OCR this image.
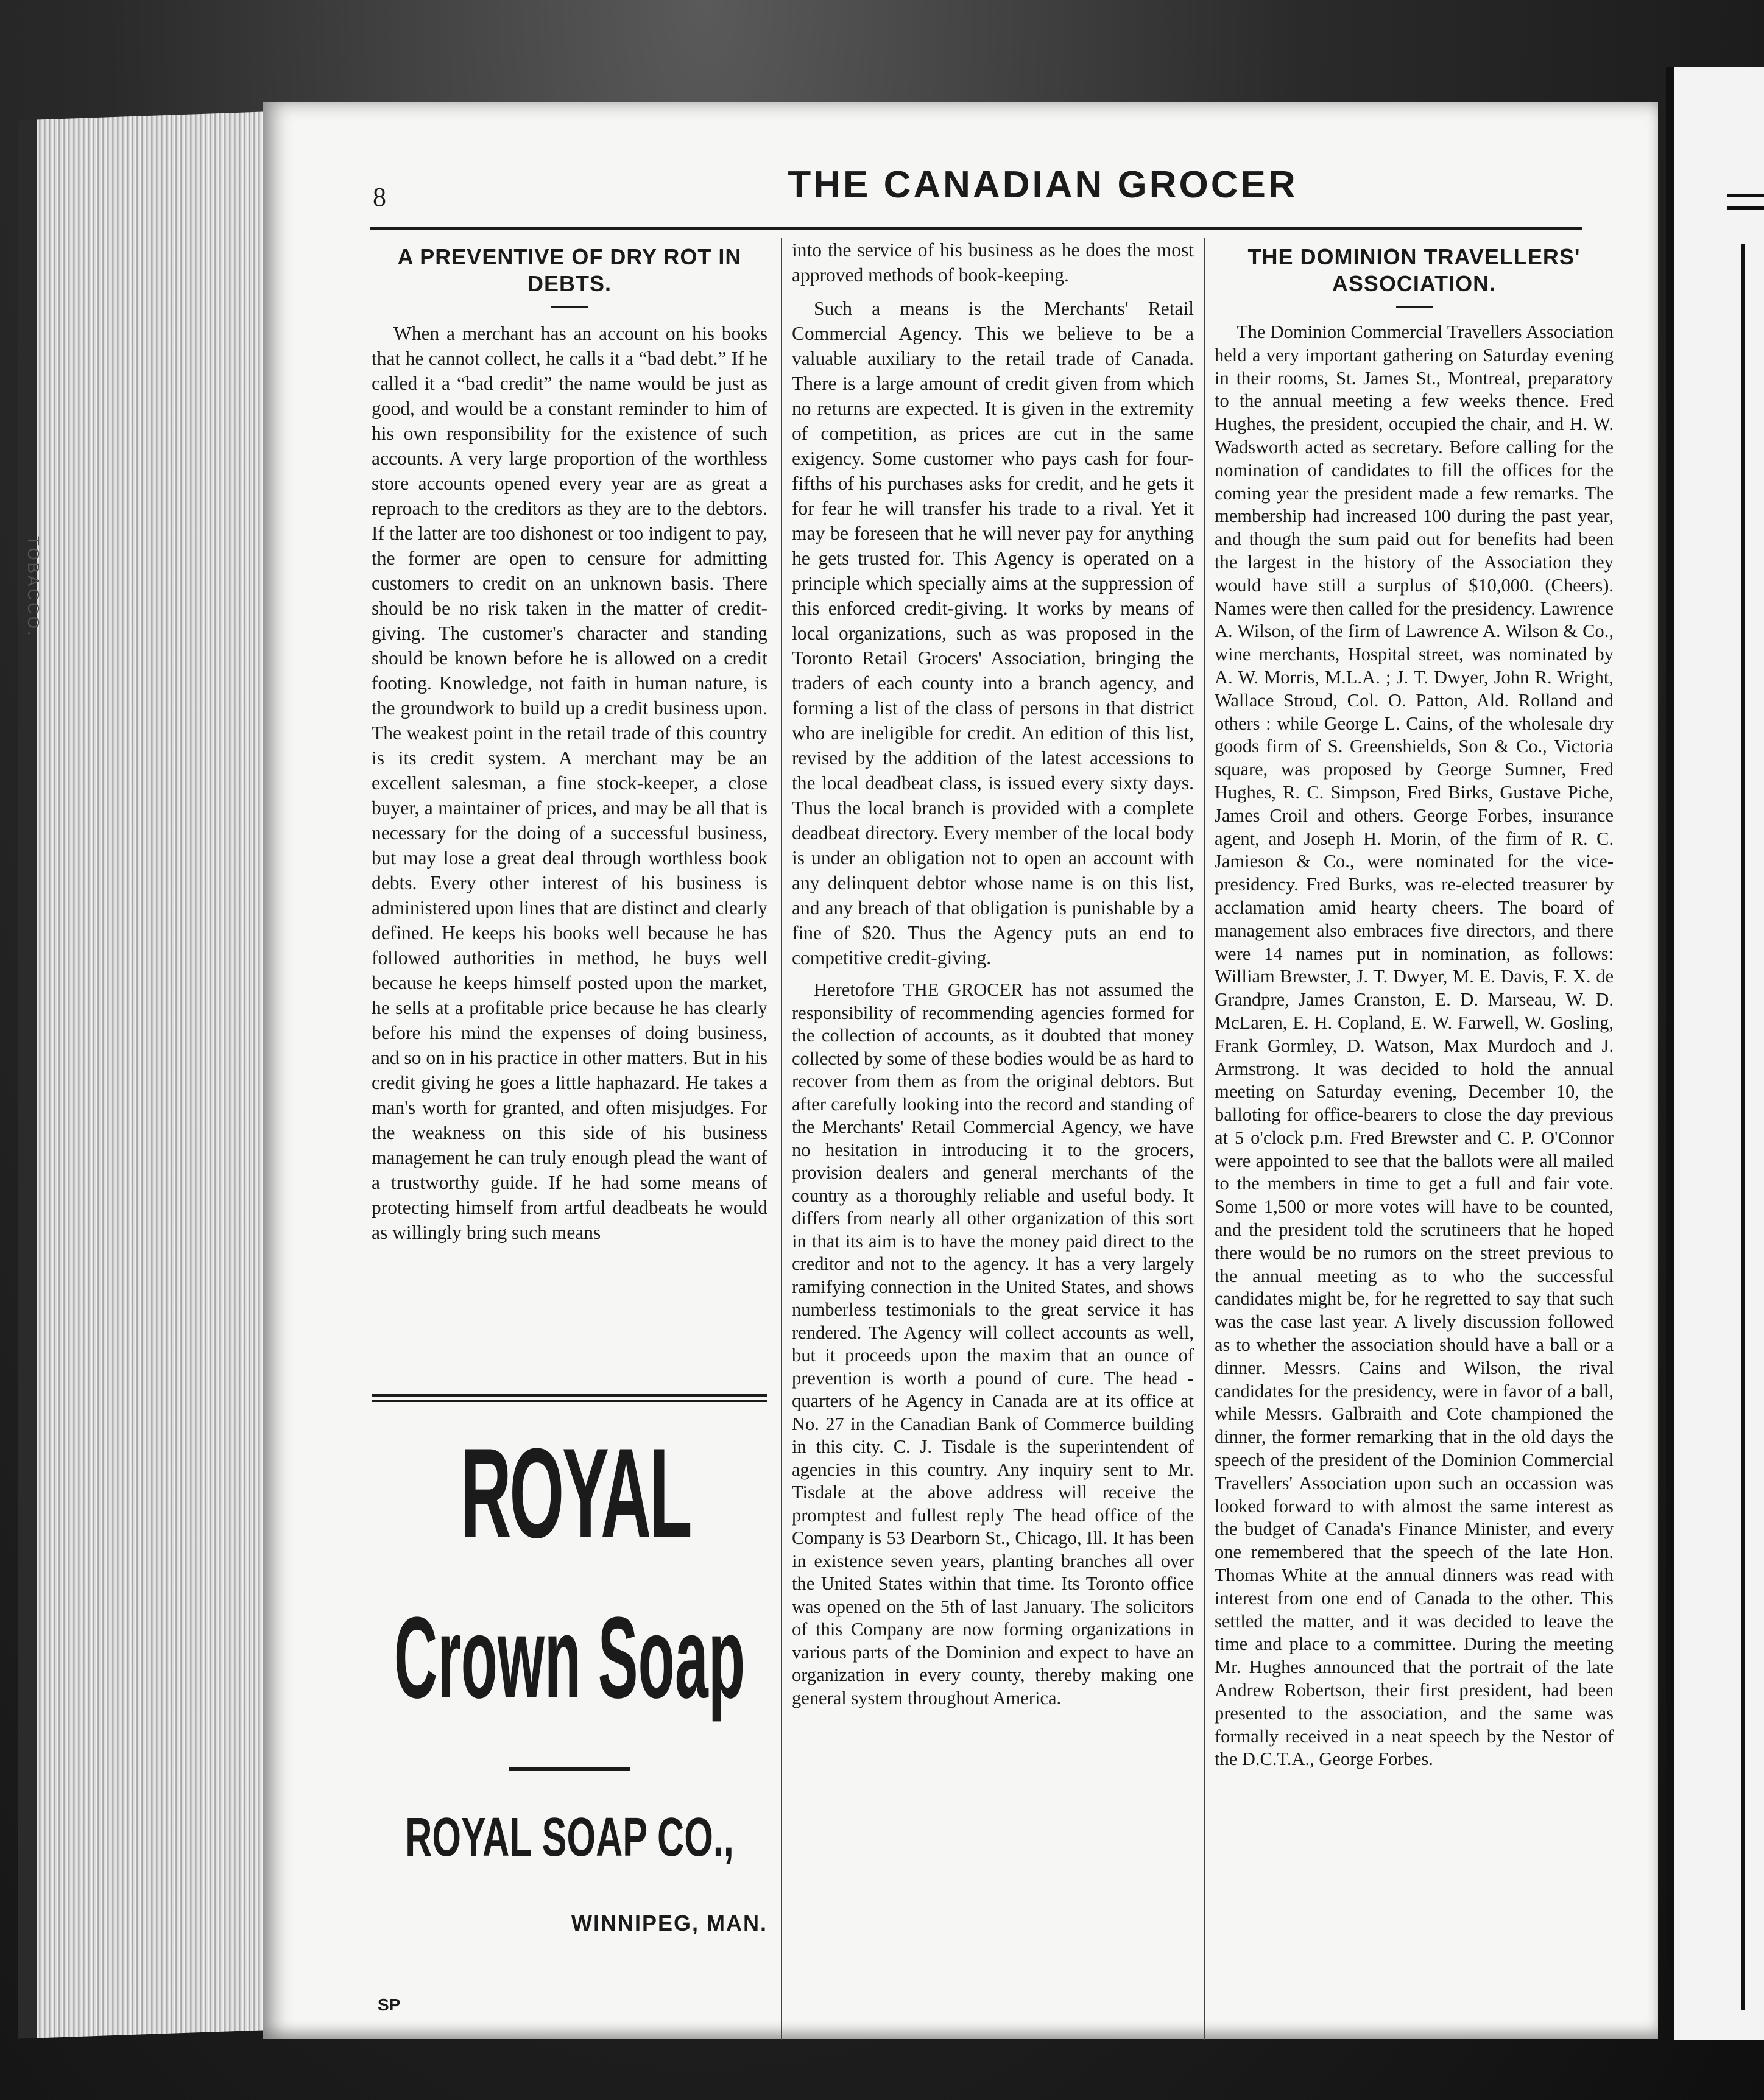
TOBACCO.
8	THE CANADIAN GROCER
A PREVENTIVE OF DRY ROT IN DEBTS.

When a merchant has an account on his books that he cannot collect, he calls it a “bad debt.” If he called it a “bad credit” the name would be just as good, and would be a constant reminder to him of his own responsibility for the existence of such accounts. A very large proportion of the worthless store accounts opened every year are as great a reproach to the creditors as they are to the debtors. If the latter are too dishonest or too indigent to pay, the former are open to censure for admitting customers to credit on an unknown basis. There should be no risk taken in the matter of credit-giving. The customer's character and standing should be known before he is allowed on a credit footing. Knowledge, not faith in human nature, is the groundwork to build up a credit business upon. The weakest point in the retail trade of this country is its credit system. A merchant may be an excellent salesman, a fine stock-keeper, a close buyer, a maintainer of prices, and may be all that is necessary for the doing of a successful business, but may lose a great deal through worthless book debts. Every other interest of his business is administered upon lines that are distinct and clearly defined. He keeps his books well because he has followed authorities in method, he buys well because he keeps himself posted upon the market, he sells at a profitable price because he has clearly before his mind the expenses of doing business, and so on in his practice in other matters. But in his credit giving he goes a little haphazard. He takes a man's worth for granted, and often misjudges. For the weakness on this side of his business management he can truly enough plead the want of a trustworthy guide. If he had some means of protecting himself from artful deadbeats he would as willingly bring such means

ROYAL
Crown Soap
ROYAL SOAP CO.,
WINNIPEG, MAN.
SP

into the service of his business as he does the most approved methods of book-keeping.

Such a means is the Merchants' Retail Commercial Agency. This we believe to be a valuable auxiliary to the retail trade of Canada. There is a large amount of credit given from which no returns are expected. It is given in the extremity of competition, as prices are cut in the same exigency. Some customer who pays cash for four-fifths of his purchases asks for credit, and he gets it for fear he will transfer his trade to a rival. Yet it may be foreseen that he will never pay for anything he gets trusted for. This Agency is operated on a principle which specially aims at the suppression of this enforced credit-giving. It works by means of local organizations, such as was proposed in the Toronto Retail Grocers' Association, bringing the traders of each county into a branch agency, and forming a list of the class of persons in that district who are ineligible for credit. An edition of this list, revised by the addition of the latest accessions to the local deadbeat class, is issued every sixty days. Thus the local branch is provided with a complete deadbeat directory. Every member of the local body is under an obligation not to open an account with any delinquent debtor whose name is on this list, and any breach of that obligation is punishable by a fine of $20. Thus the Agency puts an end to competitive credit-giving.

Heretofore THE GROCER has not assumed the responsibility of recommending agencies formed for the collection of accounts, as it doubted that money collected by some of these bodies would be as hard to recover from them as from the original debtors. But after carefully looking into the record and standing of the Merchants' Retail Commercial Agency, we have no hesitation in introducing it to the grocers, provision dealers and general merchants of the country as a thoroughly reliable and useful body. It differs from nearly all other organization of this sort in that its aim is to have the money paid direct to the creditor and not to the agency. It has a very largely ramifying connection in the United States, and shows numberless testimonials to the great service it has rendered. The Agency will collect accounts as well, but it proceeds upon the maxim that an ounce of prevention is worth a pound of cure. The head - quarters of he Agency in Canada are at its office at No. 27 in the Canadian Bank of Commerce building in this city. C. J. Tisdale is the superintendent of agencies in this country. Any inquiry sent to Mr. Tisdale at the above address will receive the promptest and fullest reply The head office of the Company is 53 Dearborn St., Chicago, Ill. It has been in existence seven years, planting branches all over the United States within that time. Its Toronto office was opened on the 5th of last January. The solicitors of this Company are now forming organizations in various parts of the Dominion and expect to have an organization in every county, thereby making one general system throughout America.

THE DOMINION TRAVELLERS' ASSOCIATION.

The Dominion Commercial Travellers Association held a very important gathering on Saturday evening in their rooms, St. James St., Montreal, preparatory to the annual meeting a few weeks thence. Fred Hughes, the president, occupied the chair, and H. W. Wadsworth acted as secretary. Before calling for the nomination of candidates to fill the offices for the coming year the president made a few remarks. The membership had increased 100 during the past year, and though the sum paid out for benefits had been the largest in the history of the Association they would have still a surplus of $10,000. (Cheers). Names were then called for the presidency. Lawrence A. Wilson, of the firm of Lawrence A. Wilson & Co., wine merchants, Hospital street, was nominated by A. W. Morris, M.L.A. ; J. T. Dwyer, John R. Wright, Wallace Stroud, Col. O. Patton, Ald. Rolland and others : while George L. Cains, of the wholesale dry goods firm of S. Greenshields, Son & Co., Victoria square, was proposed by George Sumner, Fred Hughes, R. C. Simpson, Fred Birks, Gustave Piche, James Croil and others. George Forbes, insurance agent, and Joseph H. Morin, of the firm of R. C. Jamieson & Co., were nominated for the vice-presidency. Fred Burks, was re-elected treasurer by acclamation amid hearty cheers. The board of management also embraces five directors, and there were 14 names put in nomination, as follows: William Brewster, J. T. Dwyer, M. E. Davis, F. X. de Grandpre, James Cranston, E. D. Marseau, W. D. McLaren, E. H. Copland, E. W. Farwell, W. Gosling, Frank Gormley, D. Watson, Max Murdoch and J. Armstrong. It was decided to hold the annual meeting on Saturday evening, December 10, the balloting for office-bearers to close the day previous at 5 o'clock p.m. Fred Brewster and C. P. O'Connor were appointed to see that the ballots were all mailed to the members in time to get a full and fair vote. Some 1,500 or more votes will have to be counted, and the president told the scrutineers that he hoped there would be no rumors on the street previous to the annual meeting as to who the successful candidates might be, for he regretted to say that such was the case last year. A lively discussion followed as to whether the association should have a ball or a dinner. Messrs. Cains and Wilson, the rival candidates for the presidency, were in favor of a ball, while Messrs. Galbraith and Cote championed the dinner, the former remarking that in the old days the speech of the president of the Dominion Commercial Travellers' Association upon such an occassion was looked forward to with almost the same interest as the budget of Canada's Finance Minister, and every one remembered that the speech of the late Hon. Thomas White at the annual dinners was read with interest from one end of Canada to the other. This settled the matter, and it was decided to leave the time and place to a committee. During the meeting Mr. Hughes announced that the portrait of the late Andrew Robertson, their first president, had been presented to the association, and the same was formally received in a neat speech by the Nestor of the D.C.T.A., George Forbes.
